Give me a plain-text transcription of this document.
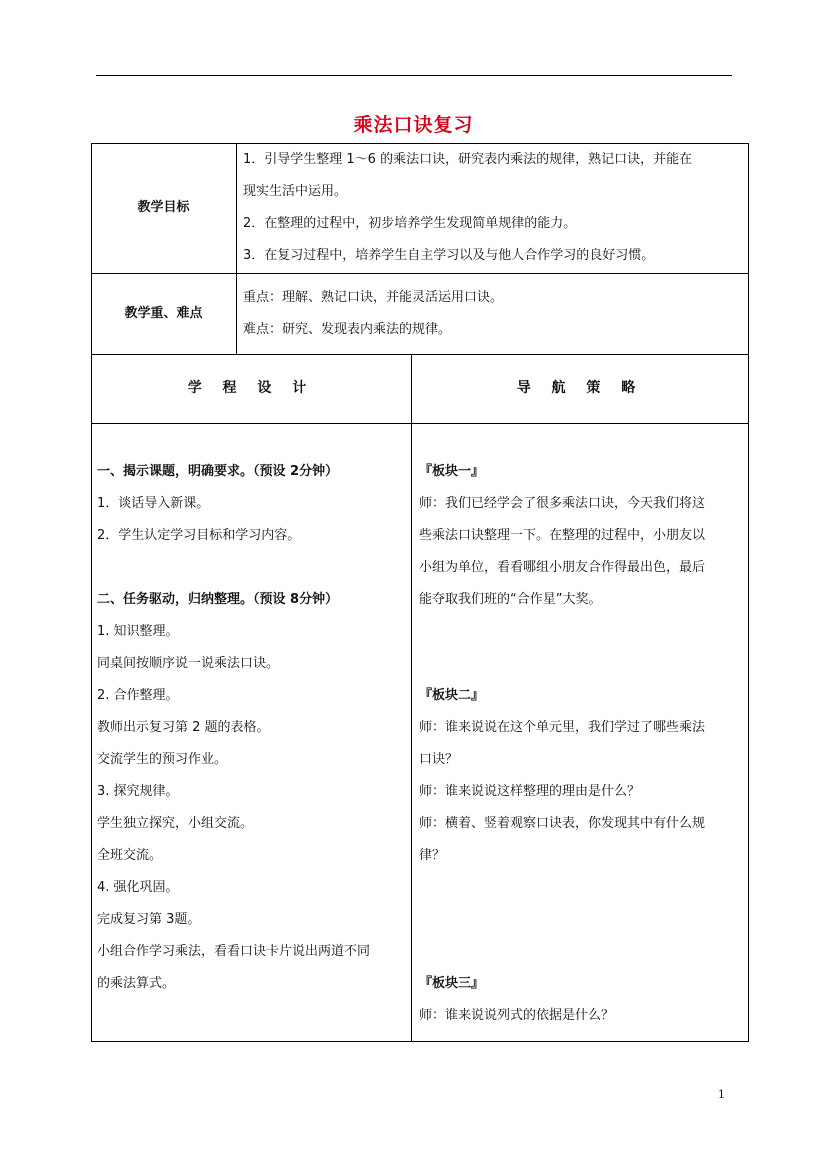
乘法口诀复习
教学目标

1．引导学生整理 1～6 的乘法口诀，研究表内乘法的规律，熟记口诀，并能在

现实生活中运用。

2．在整理的过程中，初步培养学生发现简单规律的能力。

3．在复习过程中，培养学生自主学习以及与他人合作学习的良好习惯。

教学重、难点

重点：理解、熟记口诀，并能灵活运用口诀。

难点：研究、发现表内乘法的规律。

学 程 设 计	导 航 策 略

一、揭示课题，明确要求。（预设 2分钟）

1．谈话导入新课。

2．学生认定学习目标和学习内容。

二、任务驱动，归纳整理。（预设 8分钟）

1. 知识整理。

同桌间按顺序说一说乘法口诀。

2. 合作整理。

教师出示复习第 2 题的表格。

交流学生的预习作业。

3. 探究规律。

学生独立探究，小组交流。

全班交流。

4. 强化巩固。

完成复习第 3题。

小组合作学习乘法，看看口诀卡片说出两道不同

的乘法算式。

『板块一』

师：我们已经学会了很多乘法口诀，今天我们将这

些乘法口诀整理一下。在整理的过程中，小朋友以

小组为单位，看看哪组小朋友合作得最出色，最后

能夺取我们班的“合作星”大奖。

『板块二』

师：谁来说说在这个单元里，我们学过了哪些乘法

口诀？

师：谁来说说这样整理的理由是什么？

师：横着、竖着观察口诀表，你发现其中有什么规

律？

『板块三』

师：谁来说说列式的依据是什么？

1
